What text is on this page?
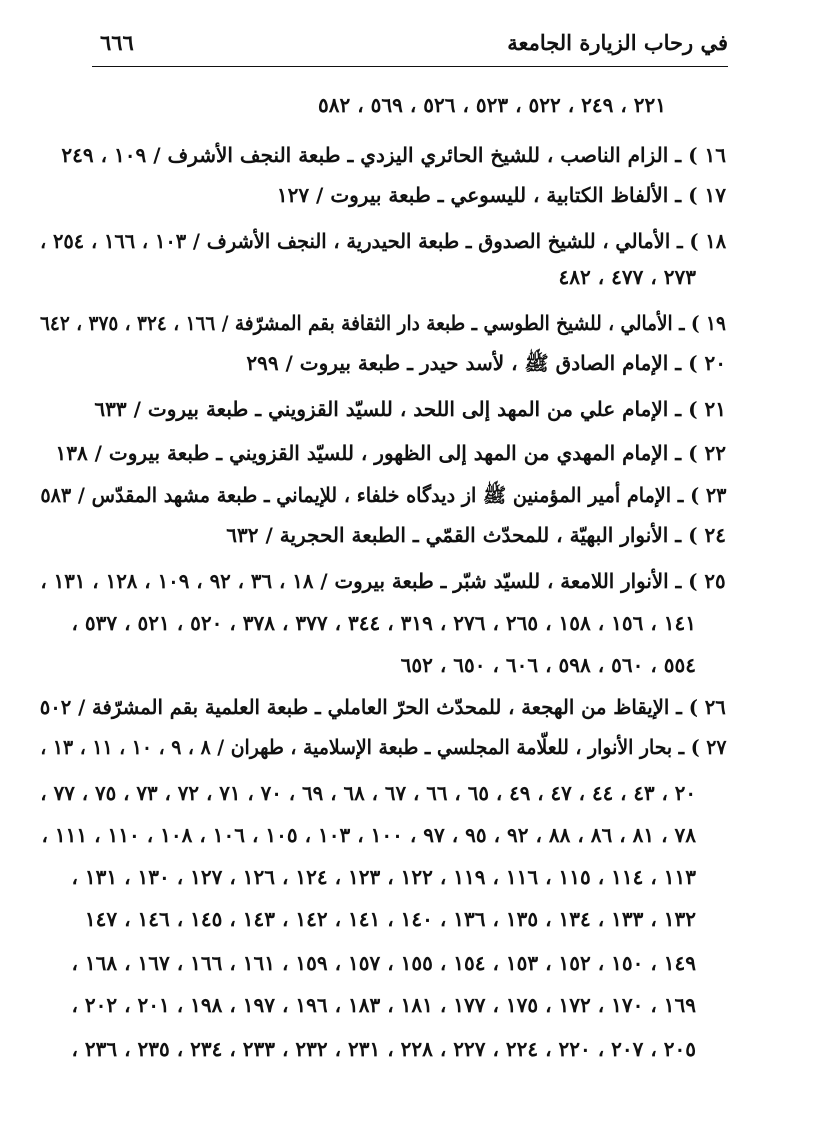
في رحاب الزيارة الجامعة
٦٦٦
٢٢١ ، ٢٤٩ ، ٥٢٢ ، ٥٢٣ ، ٥٢٦ ، ٥٦٩ ، ٥٨٢
١٦ ) ـ الزام الناصب ، للشيخ الحائري اليزدي ـ طبعة النجف الأشرف / ١٠٩ ، ٢٤٩
١٧ ) ـ الألفاظ الكتابية ، لليسوعي ـ طبعة بيروت / ١٢٧
١٨ ) ـ الأمالي ، للشيخ الصدوق ـ طبعة الحيدرية ، النجف الأشرف / ١٠٣ ، ١٦٦ ، ٢٥٤ ،
٢٧٣ ، ٤٧٧ ، ٤٨٢
١٩ ) ـ الأمالي ، للشيخ الطوسي ـ طبعة دار الثقافة بقم المشرّفة / ١٦٦ ، ٣٢٤ ، ٣٧٥ ، ٦٤٢
٢٠ ) ـ الإمام الصادق ﷺ ، لأسد حيدر ـ طبعة بيروت / ٢٩٩
٢١ ) ـ الإمام علي من المهد إلى اللحد ، للسيّد القزويني ـ طبعة بيروت / ٦٣٣
٢٢ ) ـ الإمام المهدي من المهد إلى الظهور ، للسيّد القزويني ـ طبعة بيروت / ١٣٨
٢٣ ) ـ الإمام أمير المؤمنين ﷺ از ديدگاه خلفاء ، للإيماني ـ طبعة مشهد المقدّس / ٥٨٣
٢٤ ) ـ الأنوار البهيّة ، للمحدّث القمّي ـ الطبعة الحجرية / ٦٣٢
٢٥ ) ـ الأنوار اللامعة ، للسيّد شبّر ـ طبعة بيروت / ١٨ ، ٣٦ ، ٩٢ ، ١٠٩ ، ١٢٨ ، ١٣١ ،
١٤١ ، ١٥٦ ، ١٥٨ ، ٢٦٥ ، ٢٧٦ ، ٣١٩ ، ٣٤٤ ، ٣٧٧ ، ٣٧٨ ، ٥٢٠ ، ٥٢١ ، ٥٣٧ ،
٥٥٤ ، ٥٦٠ ، ٥٩٨ ، ٦٠٦ ، ٦٥٠ ، ٦٥٢
٢٦ ) ـ الإيقاظ من الهجعة ، للمحدّث الحرّ العاملي ـ طبعة العلمية بقم المشرّفة / ٥٠٢
٢٧ ) ـ بحار الأنوار ، للعلّامة المجلسي ـ طبعة الإسلامية ، طهران / ٨ ، ٩ ، ١٠ ، ١١ ، ١٣ ،
٢٠ ، ٤٣ ، ٤٤ ، ٤٧ ، ٤٩ ، ٦٥ ، ٦٦ ، ٦٧ ، ٦٨ ، ٦٩ ، ٧٠ ، ٧١ ، ٧٢ ، ٧٣ ، ٧٥ ، ٧٧ ،
٧٨ ، ٨١ ، ٨٦ ، ٨٨ ، ٩٢ ، ٩٥ ، ٩٧ ، ١٠٠ ، ١٠٣ ، ١٠٥ ، ١٠٦ ، ١٠٨ ، ١١٠ ، ١١١ ،
١١٣ ، ١١٤ ، ١١٥ ، ١١٦ ، ١١٩ ، ١٢٢ ، ١٢٣ ، ١٢٤ ، ١٢٦ ، ١٢٧ ، ١٣٠ ، ١٣١ ،
١٣٢ ، ١٣٣ ، ١٣٤ ، ١٣٥ ، ١٣٦ ، ١٤٠ ، ١٤١ ، ١٤٢ ، ١٤٣ ، ١٤٥ ، ١٤٦ ، ١٤٧
١٤٩ ، ١٥٠ ، ١٥٢ ، ١٥٣ ، ١٥٤ ، ١٥٥ ، ١٥٧ ، ١٥٩ ، ١٦١ ، ١٦٦ ، ١٦٧ ، ١٦٨ ،
١٦٩ ، ١٧٠ ، ١٧٢ ، ١٧٥ ، ١٧٧ ، ١٨١ ، ١٨٣ ، ١٩٦ ، ١٩٧ ، ١٩٨ ، ٢٠١ ، ٢٠٢ ،
٢٠٥ ، ٢٠٧ ، ٢٢٠ ، ٢٢٤ ، ٢٢٧ ، ٢٢٨ ، ٢٣١ ، ٢٣٢ ، ٢٣٣ ، ٢٣٤ ، ٢٣٥ ، ٢٣٦ ،
